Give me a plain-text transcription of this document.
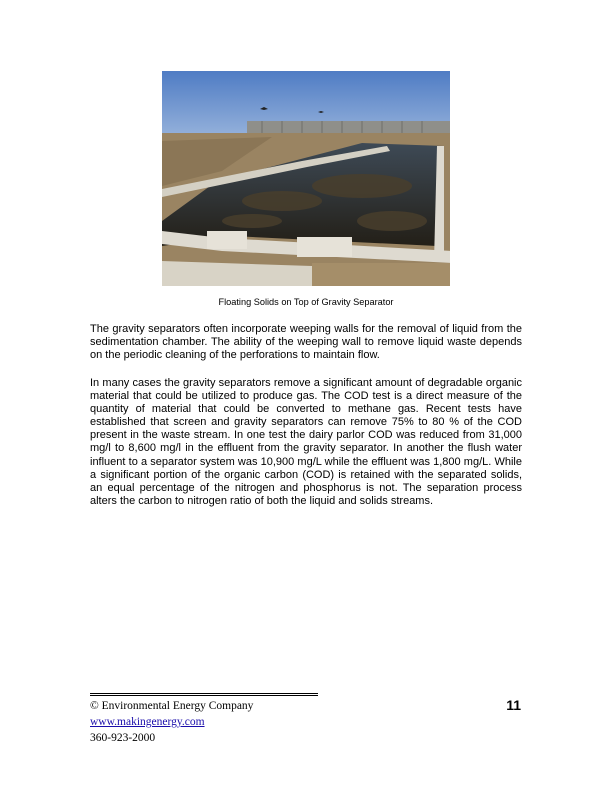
Floating Solids on Top of Gravity Separator

The gravity separators often incorporate weeping walls for the removal of liquid from the sedimentation chamber. The ability of the weeping wall to remove liquid waste depends on the periodic cleaning of the perforations to maintain flow.

In many cases the gravity separators remove a significant amount of degradable organic material that could be utilized to produce gas. The COD test is a direct measure of the quantity of material that could be converted to methane gas. Recent tests have established that screen and gravity separators can remove 75% to 80 % of the COD present in the waste stream. In one test the dairy parlor COD was reduced from 31,000 mg/l to 8,600 mg/l in the effluent from the gravity separator. In another the flush water influent to a separator system was 10,900 mg/L while the effluent was 1,800 mg/L. While a significant portion of the organic carbon (COD) is retained with the separated solids, an equal percentage of the nitrogen and phosphorus is not. The separation process alters the carbon to nitrogen ratio of both the liquid and solids streams.

© Environmental Energy Company
www.makingenergy.com
360-923-2000
11
